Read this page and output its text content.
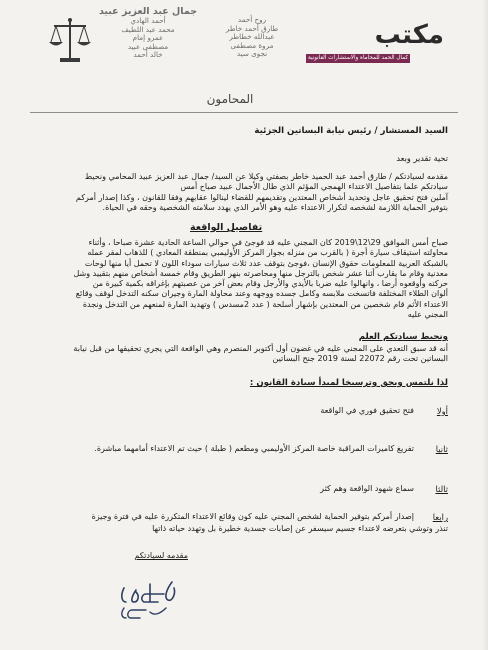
جمال عبد العزيز عبيد
أحمد الهادي
محمد عبد اللطيف
عمرو إمام
مصطفى عبيد
خالد أحمد
روح أحمد
طارق أحمد خاطر
عبدالله خطاطر
مروة مصطفى
نجوى سيد
مكتب
كمال الحمد للمحاماة والاستشارات القانونية
المحامون
السيد المستشار / رئيس نيابة البساتين الجزئية
تحية تقدير وبعد
مقدمه لسيادتكم / طارق أحمد عبد الحميد خاطر بصفتي وكيلا عن السيد/ جمال عبد العزيز عبيد المحامي ونحيط
سيادتكم علما بتفاصيل الاعتداء الهمجي المؤثم الذي طال الأجمال عبيد صباح أمس
آملين فتح تحقيق عاجل وتحديد أشخاص المعتدين وتقديمهم للقضاء لينالوا عقابهم وفقا للقانون ، وكذا إصدار أمركم
بتوفير الحماية اللازمة لشخصه لتكرار الاعتداء عليه وهو الأمر الذي يهدد سلامته الشخصية وحقه في الحياة.
تفاصيل الواقعة
صباح أمس الموافق 29\12\2019 كان المجني عليه قد فوجئ في حوالي الساعة الحادية عشرة صباحا ، وأثناء
محاولته استيقاف سيارة أجرة ( بالقرب من منزله بجوار المركز الأوليمبي بمنطقة المعادي ) للذهاب لمقر عمله
بالشبكة العربية للمعلومات حقوق الإنسان ،فوجئ بتوقف عدد ثلاث سيارات سوداء اللون لا تحمل أيا منها لوحات
معدنية وقام ما يقارب أثنا عشر شخص بالترجل منها ومحاصرته بنهر الطريق وقام خمسة أشخاص منهم بتقييد وشل
حركته وأوقعوه أرضا ، وانهالوا عليه ضربا بالأيدي والأرجل وقام بعض آخر من عصبتهم بإغراقه بكمية كبيرة من
ألوان الطلاء المختلفة فاتسخت ملابسه وكامل جسده ووجهه وعند محاولة المارة وجيران سكنه التدخل لوقف وقائع
الاعتداء الأثم قام شخصين من المعتدين بإشهار أسلحة ( عدد 2مسدس ) وتهديد المارة لمنعهم من التدخل ونجدة
المجني عليه
ونحيط سيادتكم العلم
أنه قد سبق التعدي على المجني عليه في غضون أول أكتوبر المنصرم وهي الواقعة التي يجري تحقيقها من قبل نيابة
البساتين تحت رقم 22072 لسنة 2019 جنح البساتين
لذا نلتمس ويحق وترسيخا لمبدأ سيادة القانون :
أولا
فتح تحقيق فوري في الواقعة
ثانيا
تفريغ كاميرات المراقبة خاصة المركز الأوليمبي ومطعم ( طبلة ) حيث تم الاعتداء أمامهما مباشرة.
ثالثا
سماع شهود الواقعة وهم كثر
رابعا
إصدار أمركم بتوفير الحماية لشخص المجني عليه كون وقائع الاعتداء المتكررة عليه في فترة وجيزة
تنذر وتوشي بتعرضه لاعتداء جسيم سيسفر عن إصابات جسدية خطيرة بل وتهدد حياته ذاتها
مقدمه لسيادتكم
